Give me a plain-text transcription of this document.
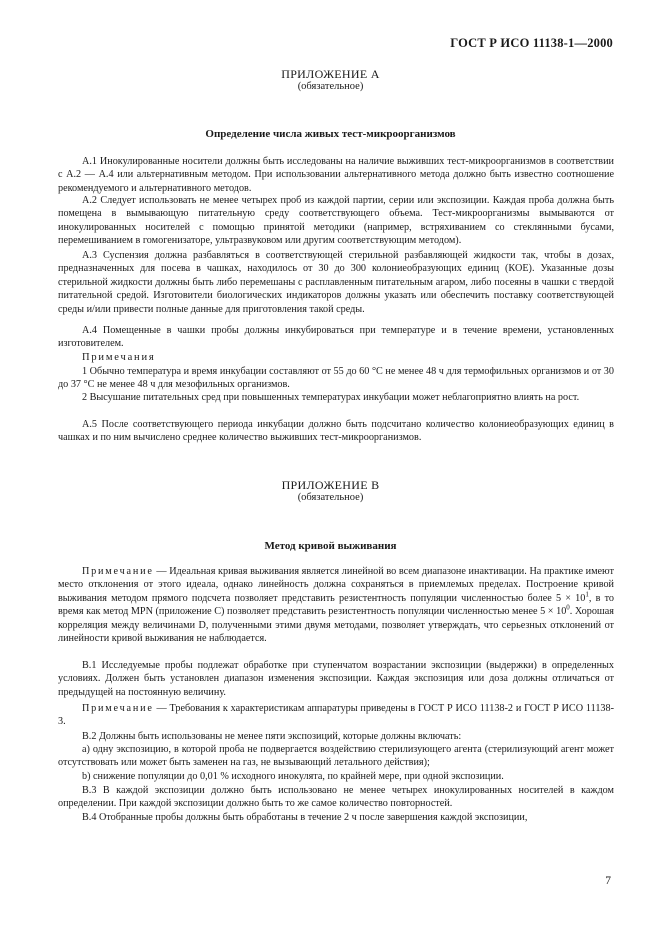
ГОСТ Р ИСО 11138-1—2000
ПРИЛОЖЕНИЕ А
(обязательное)
Определение числа живых тест-микроорганизмов

А.1 Инокулированные носители должны быть исследованы на наличие выживших тест-микроорганизмов в соответствии с А.2 — А.4 или альтернативным методом. При использовании альтернативного метода должно быть известно соотношение рекомендуемого и альтернативного методов.

А.2 Следует использовать не менее четырех проб из каждой партии, серии или экспозиции. Каждая проба должна быть помещена в вымывающую питательную среду соответствующего объема. Тест-микроорганизмы вымываются от инокулированных носителей с помощью принятой методики (например, встряхиванием со стеклянными бусами, перемешиванием в гомогенизаторе, ультразвуковом или другим соответствующим методом).

А.3 Суспензия должна разбавляться в соответствующей стерильной разбавляющей жидкости так, чтобы в дозах, предназначенных для посева в чашках, находилось от 30 до 300 колониеобразующих единиц (КОЕ). Указанные дозы стерильной жидкости должны быть либо перемешаны с расплавленным питательным агаром, либо посеяны в чашки с твердой питательной средой. Изготовители биологических индикаторов должны указать или обеспечить поставку соответствующей среды и/или привести полные данные для приготовления такой среды.

А.4 Помещенные в чашки пробы должны инкубироваться при температуре и в течение времени, установленных изготовителем.

Примечания

1 Обычно температура и время инкубации составляют от 55 до 60 °С не менее 48 ч для термофильных организмов и от 30 до 37 °С не менее 48 ч для мезофильных организмов.

2 Высушание питательных сред при повышенных температурах инкубации может неблагоприятно влиять на рост.

А.5 После соответствующего периода инкубации должно быть подсчитано количество колониеобразующих единиц в чашках и по ним вычислено среднее количество выживших тест-микроорганизмов.

ПРИЛОЖЕНИЕ В
(обязательное)
Метод кривой выживания

Примечание — Идеальная кривая выживания является линейной во всем диапазоне инактивации. На практике имеют место отклонения от этого идеала, однако линейность должна сохраняться в приемлемых пределах. Построение кривой выживания методом прямого подсчета позволяет представить резистентность популяции численностью более $5 \times 10^1$, в то время как метод MPN (приложение С) позволяет представить резистентность популяции численностью менее $5 \times 10^0$. Хорошая корреляция между величинами D, полученными этими двумя методами, позволяет утверждать, что серьезных отклонений от линейности кривой выживания не наблюдается.

В.1 Исследуемые пробы подлежат обработке при ступенчатом возрастании экспозиции (выдержки) в определенных условиях. Должен быть установлен диапазон изменения экспозиции. Каждая экспозиция или доза должны отличаться от предыдущей на постоянную величину.

Примечание — Требования к характеристикам аппаратуры приведены в ГОСТ Р ИСО 11138-2 и ГОСТ Р ИСО 11138-3.

В.2 Должны быть использованы не менее пяти экспозиций, которые должны включать:

a) одну экспозицию, в которой проба не подвергается воздействию стерилизующего агента (стерилизующий агент может отсутствовать или может быть заменен на газ, не вызывающий летального действия);

b) снижение популяции до 0,01 % исходного инокулята, по крайней мере, при одной экспозиции.

В.3 В каждой экспозиции должно быть использовано не менее четырех инокулированных носителей в каждом определении. При каждой экспозиции должно быть то же самое количество повторностей.

В.4 Отобранные пробы должны быть обработаны в течение 2 ч после завершения каждой экспозиции,

7
